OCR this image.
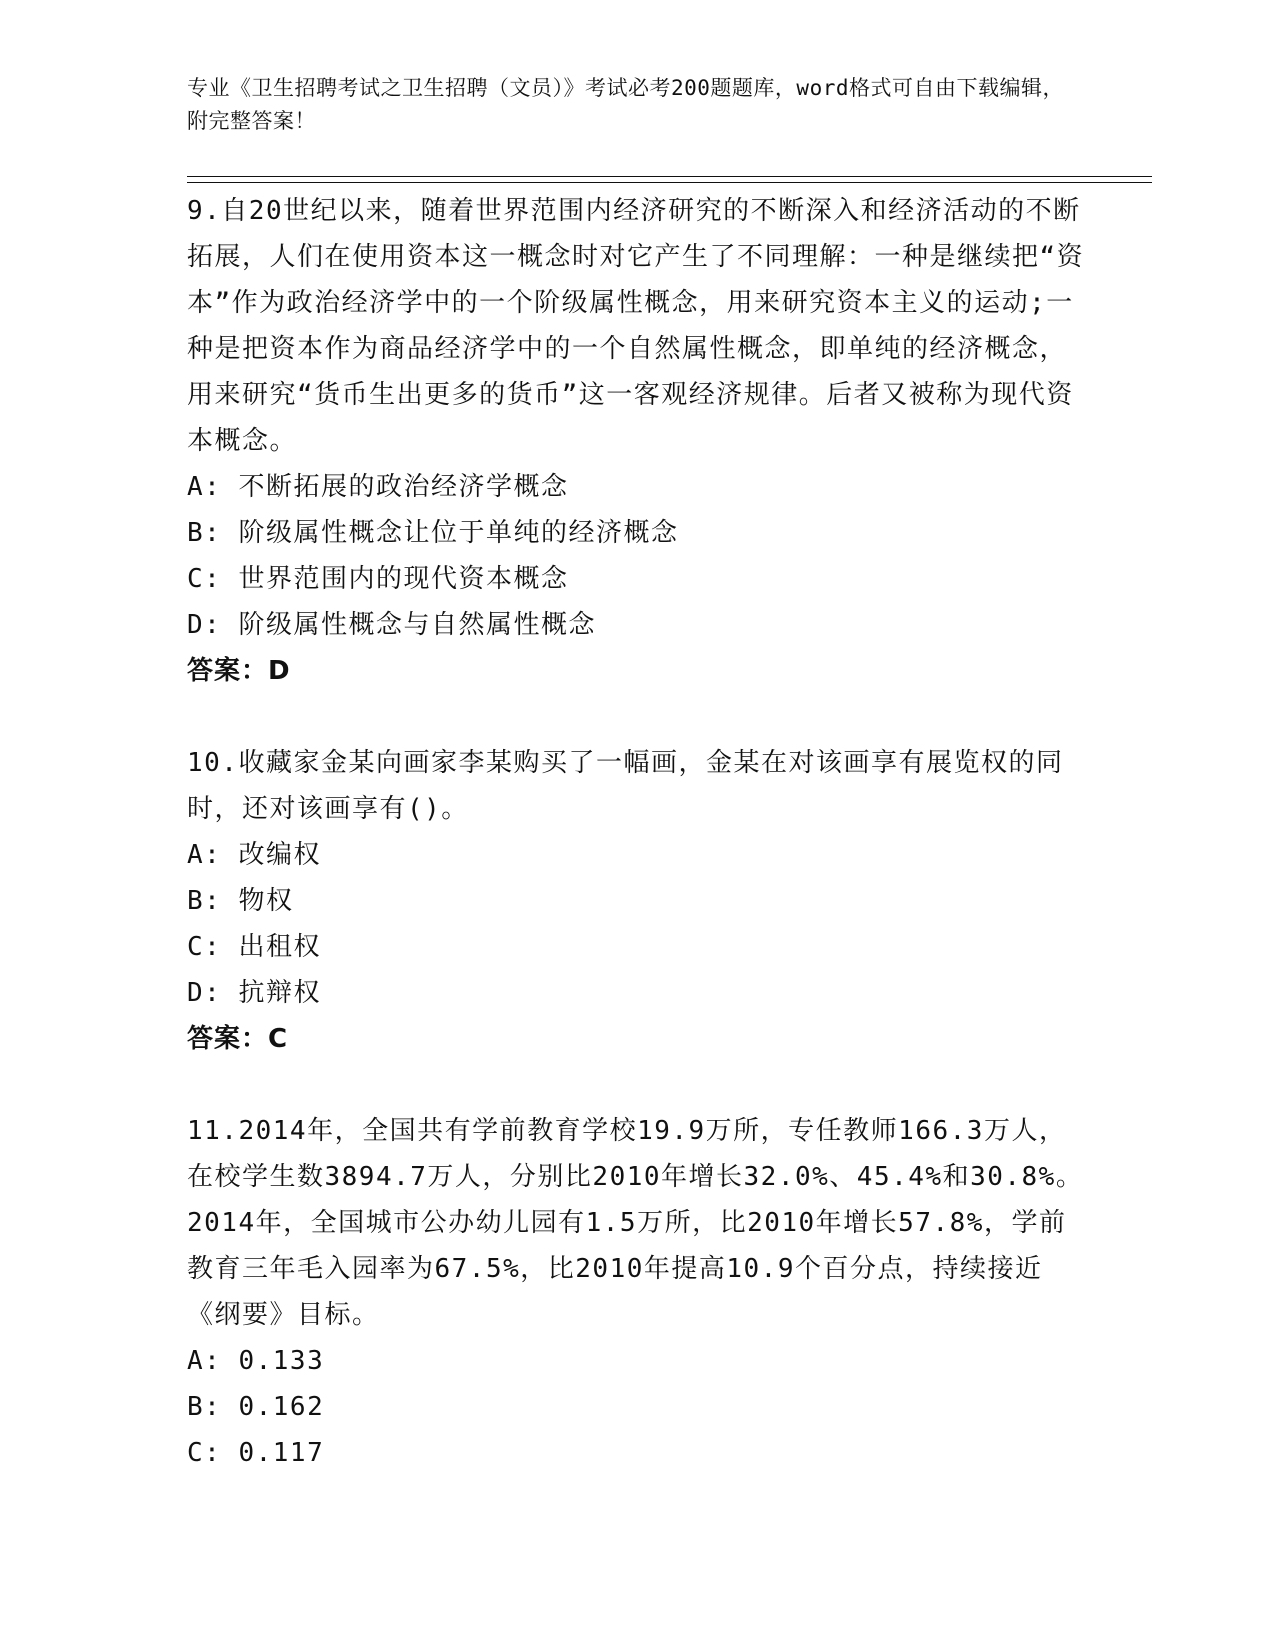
专业《卫生招聘考试之卫生招聘（文员）》考试必考200题题库，word格式可自由下载编辑，附完整答案！

9.自20世纪以来，随着世界范围内经济研究的不断深入和经济活动的不断拓展，人们在使用资本这一概念时对它产生了不同理解：一种是继续把“资本”作为政治经济学中的一个阶级属性概念，用来研究资本主义的运动;一种是把资本作为商品经济学中的一个自然属性概念，即单纯的经济概念，用来研究“货币生出更多的货币”这一客观经济规律。后者又被称为现代资本概念。

A: 不断拓展的政治经济学概念

B: 阶级属性概念让位于单纯的经济概念

C: 世界范围内的现代资本概念

D: 阶级属性概念与自然属性概念

答案：D

10.收藏家金某向画家李某购买了一幅画，金某在对该画享有展览权的同时，还对该画享有()。

A: 改编权

B: 物权

C: 出租权

D: 抗辩权

答案：C

11.2014年，全国共有学前教育学校19.9万所，专任教师166.3万人，在校学生数3894.7万人，分别比2010年增长32.0%、45.4%和30.8%。2014年，全国城市公办幼儿园有1.5万所，比2010年增长57.8%，学前教育三年毛入园率为67.5%，比2010年提高10.9个百分点，持续接近《纲要》目标。

A: 0.133

B: 0.162

C: 0.117
